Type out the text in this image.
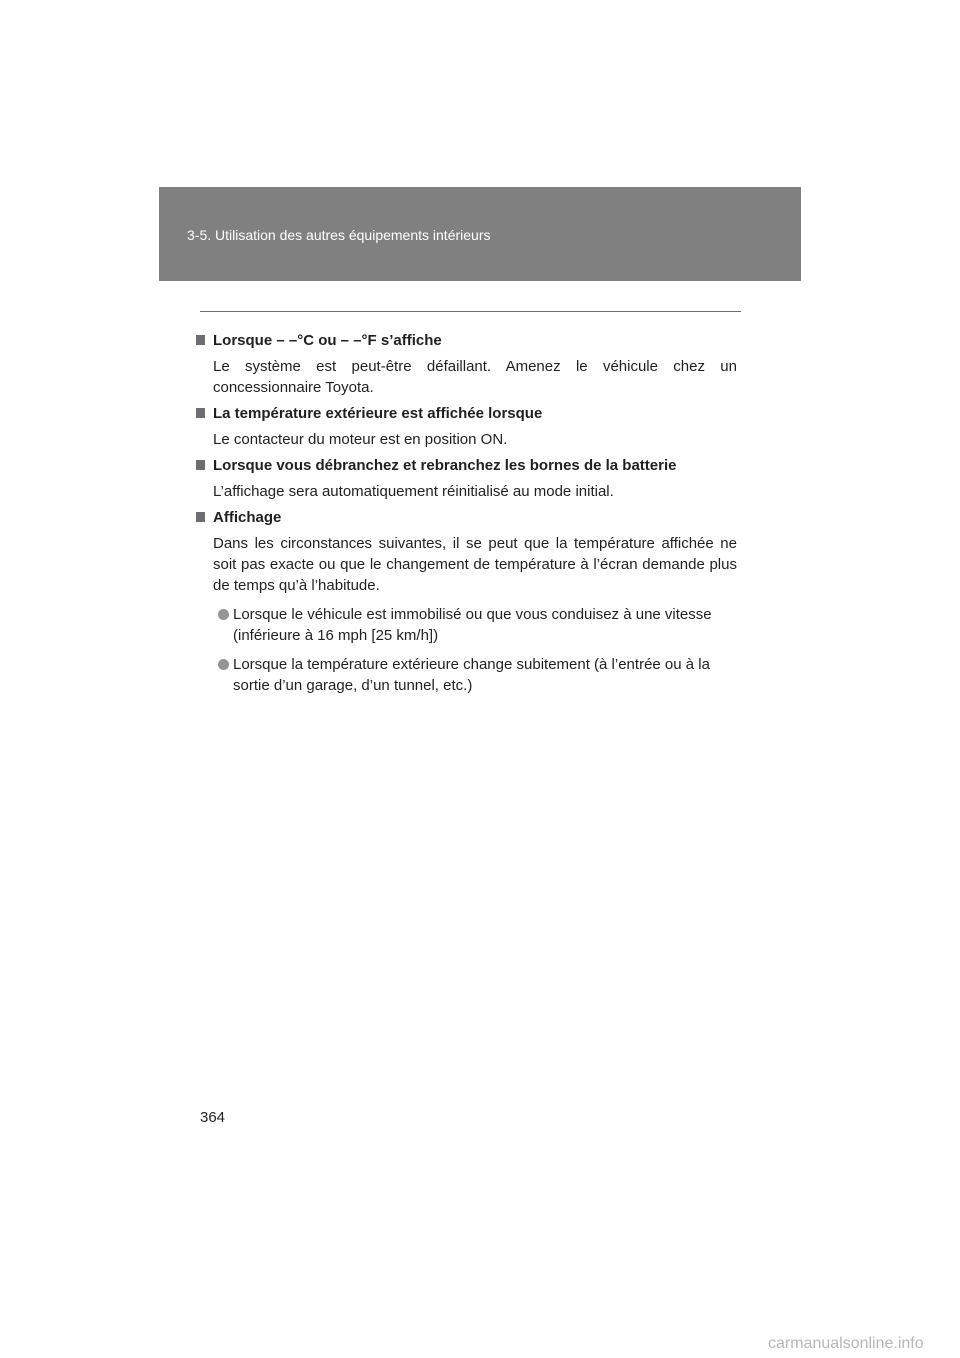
3-5. Utilisation des autres équipements intérieurs

Lorsque – –°C ou – –°F s’affiche

Le système est peut-être défaillant. Amenez le véhicule chez un concessionnaire Toyota.

La température extérieure est affichée lorsque

Le contacteur du moteur est en position ON.

Lorsque vous débranchez et rebranchez les bornes de la batterie

L’affichage sera automatiquement réinitialisé au mode initial.

Affichage

Dans les circonstances suivantes, il se peut que la température affichée ne soit pas exacte ou que le changement de température à l’écran demande plus de temps qu’à l’habitude.

Lorsque le véhicule est immobilisé ou que vous conduisez à une vitesse (inférieure à 16 mph [25 km/h])
Lorsque la température extérieure change subitement (à l’entrée ou à la sortie d’un garage, d’un tunnel, etc.)
364
carmanualsonline.info
